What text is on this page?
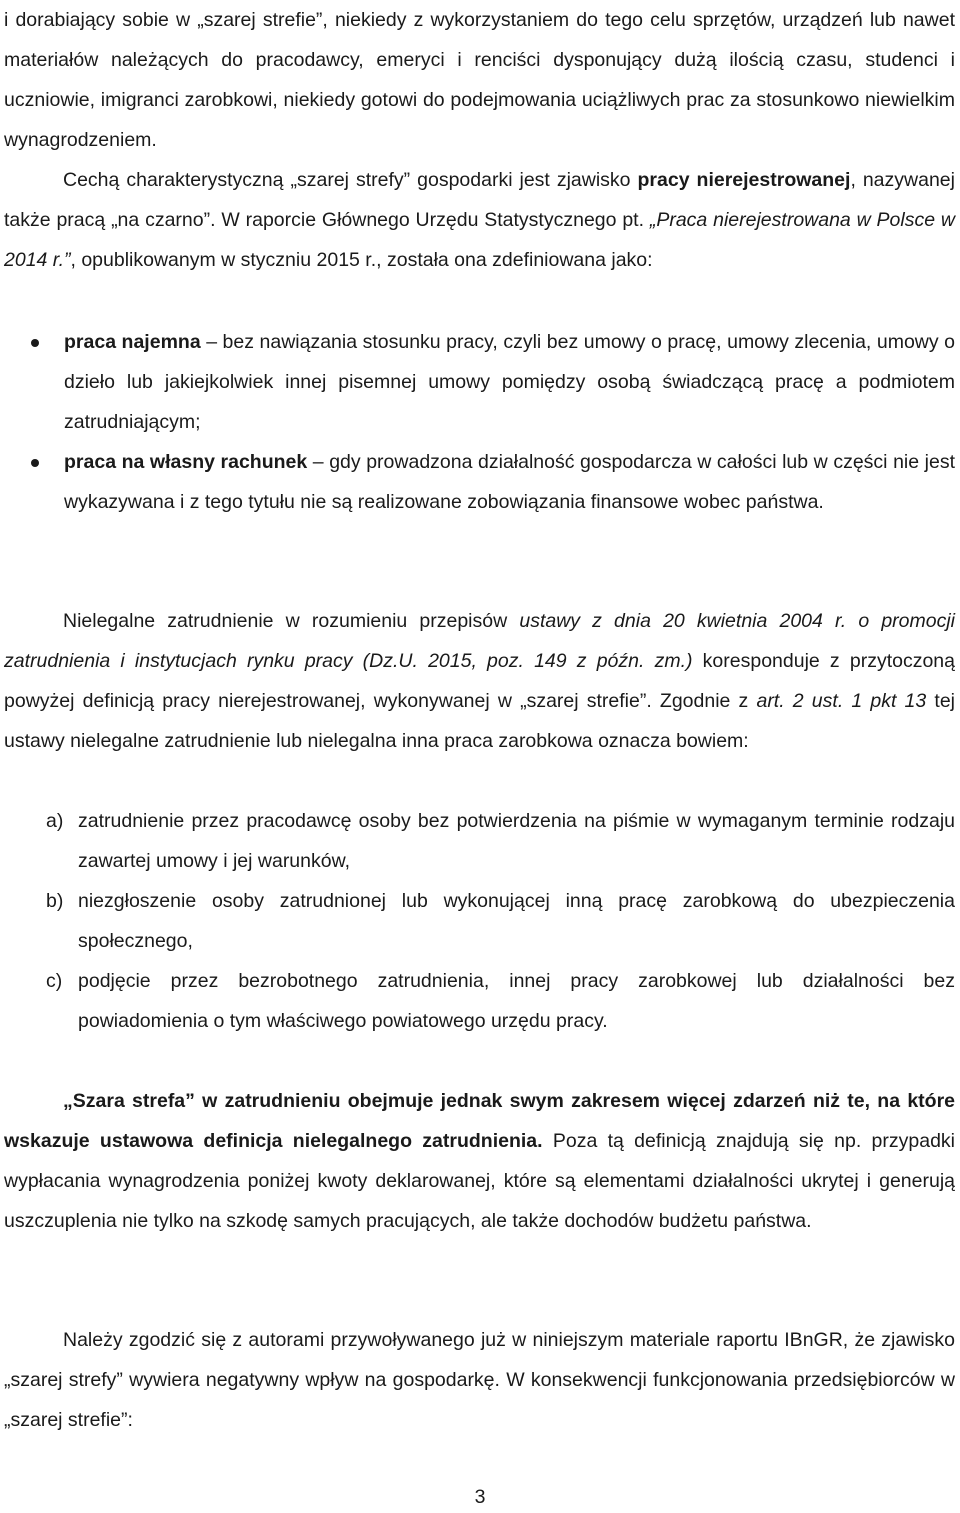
i dorabiający sobie w „szarej strefie”, niekiedy z wykorzystaniem do tego celu sprzętów, urządzeń lub nawet materiałów należących do pracodawcy, emeryci i renciści dysponujący dużą ilością czasu, studenci i uczniowie, imigranci zarobkowi, niekiedy gotowi do podejmowania uciążliwych prac za stosunkowo niewielkim wynagrodzeniem.

Cechą charakterystyczną „szarej strefy” gospodarki jest zjawisko pracy nierejestrowanej, nazywanej także pracą „na czarno”. W raporcie Głównego Urzędu Statystycznego pt. „Praca nierejestrowana w Polsce w 2014 r.”, opublikowanym w styczniu 2015 r., została ona zdefiniowana jako:

praca najemna – bez nawiązania stosunku pracy, czyli bez umowy o pracę, umowy zlecenia, umowy o dzieło lub jakiejkolwiek innej pisemnej umowy pomiędzy osobą świadczącą pracę a podmiotem zatrudniającym;

praca na własny rachunek – gdy prowadzona działalność gospodarcza w całości lub w części nie jest wykazywana i z tego tytułu nie są realizowane zobowiązania finansowe wobec państwa.

Nielegalne zatrudnienie w rozumieniu przepisów ustawy z dnia 20 kwietnia 2004 r. o promocji zatrudnienia i instytucjach rynku pracy (Dz.U. 2015, poz. 149 z późn. zm.) koresponduje z przytoczoną powyżej definicją pracy nierejestrowanej, wykonywanej w „szarej strefie”. Zgodnie z art. 2 ust. 1 pkt 13 tej ustawy nielegalne zatrudnienie lub nielegalna inna praca zarobkowa oznacza bowiem:

a) zatrudnienie przez pracodawcę osoby bez potwierdzenia na piśmie w wymaganym terminie rodzaju zawartej umowy i jej warunków,

b) niezgłoszenie osoby zatrudnionej lub wykonującej inną pracę zarobkową do ubezpieczenia społecznego,

c) podjęcie przez bezrobotnego zatrudnienia, innej pracy zarobkowej lub działalności bez powiadomienia o tym właściwego powiatowego urzędu pracy.

„Szara strefa” w zatrudnieniu obejmuje jednak swym zakresem więcej zdarzeń niż te, na które wskazuje ustawowa definicja nielegalnego zatrudnienia. Poza tą definicją znajdują się np. przypadki wypłacania wynagrodzenia poniżej kwoty deklarowanej, które są elementami działalności ukrytej i generują uszczuplenia nie tylko na szkodę samych pracujących, ale także dochodów budżetu państwa.

Należy zgodzić się z autorami przywoływanego już w niniejszym materiale raportu IBnGR, że zjawisko „szarej strefy” wywiera negatywny wpływ na gospodarkę. W konsekwencji funkcjonowania przedsiębiorców w „szarej strefie”:

3
